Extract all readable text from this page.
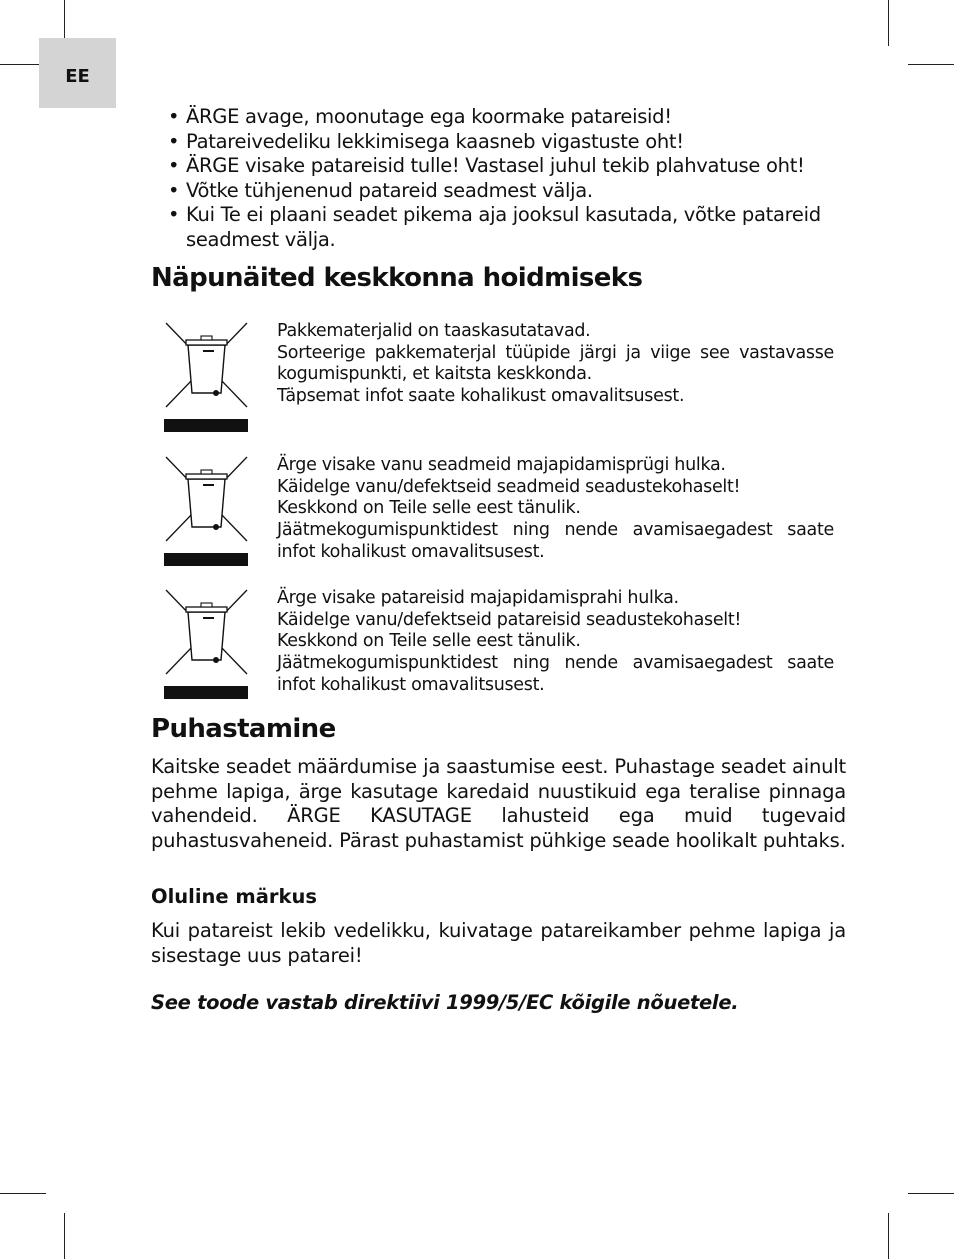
EE
• ÄRGE avage, moonutage ega koormake patareisid!
• Patareivedeliku lekkimisega kaasneb vigastuste oht!
• ÄRGE visake patareisid tulle! Vastasel juhul tekib plahvatuse oht!
• Võtke tühjenenud patareid seadmest välja.
• Kui Te ei plaani seadet pikema aja jooksul kasutada, võtke patareid seadmest välja.
Näpunäited keskkonna hoidmiseks
Pakkematerjalid on taaskasutatavad.
Sorteerige pakkematerjal tüüpide järgi ja viige see vastavasse kogumispunkti, et kaitsta keskkonda.
Täpsemat infot saate kohalikust omavalitsusest.
Ärge visake vanu seadmeid majapidamisprügi hulka.
Käidelge vanu/defektseid seadmeid seadustekohaselt!
Keskkond on Teile selle eest tänulik.
Jäätmekogumispunktidest ning nende avamisaegadest saate infot kohalikust omavalitsusest.
Ärge visake patareisid majapidamisprahi hulka.
Käidelge vanu/defektseid patareisid seadustekohaselt!
Keskkond on Teile selle eest tänulik.
Jäätmekogumispunktidest ning nende avamisaegadest saate infot kohalikust omavalitsusest.
Puhastamine
Kaitske seadet määrdumise ja saastumise eest. Puhastage seadet ainult pehme lapiga, ärge kasutage karedaid nuustikuid ega teralise pinnaga vahendeid. ÄRGE KASUTAGE lahusteid ega muid tugevaid puhastusvaheneid. Pärast puhastamist pühkige seade hoolikalt puhtaks.
Oluline märkus
Kui patareist lekib vedelikku, kuivatage patareikamber pehme lapiga ja sisestage uus patarei!
See toode vastab direktiivi 1999/5/EC kõigile nõuetele.
